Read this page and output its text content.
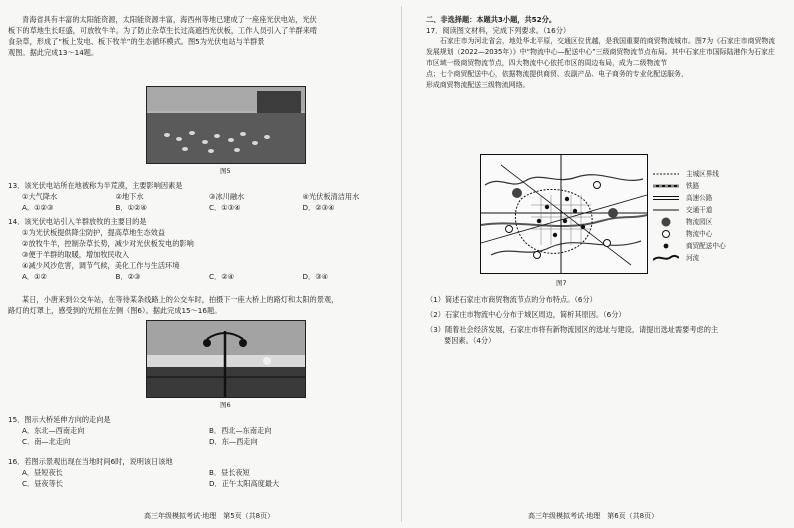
青海省具有丰富的太阳能资源，太阳能资源丰富，海西州等地已建成了一座座光伏电站，光伏
板下的草地生长旺盛，可放牧牛羊。为了防止杂草生长过高遮挡光伏板，工作人员引入了羊群来啃
食杂草，形成了“板上发电、板下牧羊”的生态循环模式。图5为光伏电站与羊群景
观图。据此完成13～14题。
图5
13．该光伏电站所在地被称为半荒漠，主要影响因素是
①大气降水	②地下水	③冰川融水	④光伏板清洁用水
A．①②③	B．①②④	C．①③④	D．②③④
14．该光伏电站引入羊群放牧的主要目的是
①为光伏板提供降尘防护，提高草地生态效益
②放牧牛羊，控制杂草长势，减少对光伏板发电的影响
③便于羊群的取暖，增加牧民收入
④减少风沙危害，调节气候，美化工作与生活环境
A．①②	B．②③	C．②④	D．③④
某日，小唐来到公交车站，在等待某条线路上的公交车时，拍摄下一座大桥上的路灯和太阳的景观，
路灯的灯罩上，感受到的光照在左侧（图6）。据此完成15～16题。
图6
15．图示大桥延伸方向的走向是
A．东北—西南走向	B．西北—东南走向
C．南—北走向	D．东—西走向
16．若图示景观出现在当地时间6时，说明该日该地
A．昼短夜长	B．昼长夜短
C．昼夜等长	D．正午太阳高度最大
高三年级模拟考试·地理　第5页（共8页）
二、非选择题：本题共3小题，共52分。
17．阅读图文材料，完成下列要求。（16分）
石家庄市为河北省会，地处华北平原，交通区位优越，是我国重要的商贸物流城市。图7为《石家庄市商贸物流
发展规划（2022—2035年）》中“物流中心—配送中心”三级商贸物流节点布局。其中石家庄市国际陆港作为石家庄
市区域一级商贸物流节点，四大物流中心依托市区的周边布局，成为二级物流节
点；七个商贸配送中心，依据物流提供商贸、农副产品、电子商务的专业化配送服务，
形成商贸物流配送三级物流网络。
主城区界线
铁路
高速公路
交通干道
物流园区
物流中心
商贸配送中心
河流
图7
（1）简述石家庄市商贸物流节点的分布特点。（6分）
（2）石家庄市物流中心分布于城区周边，简析其原因。（6分）
（3）随着社会经济发展，石家庄市将有新物流园区的选址与建设，请提出选址需要考虑的主
要因素。（4分）
高三年级模拟考试·地理　第6页（共8页）
